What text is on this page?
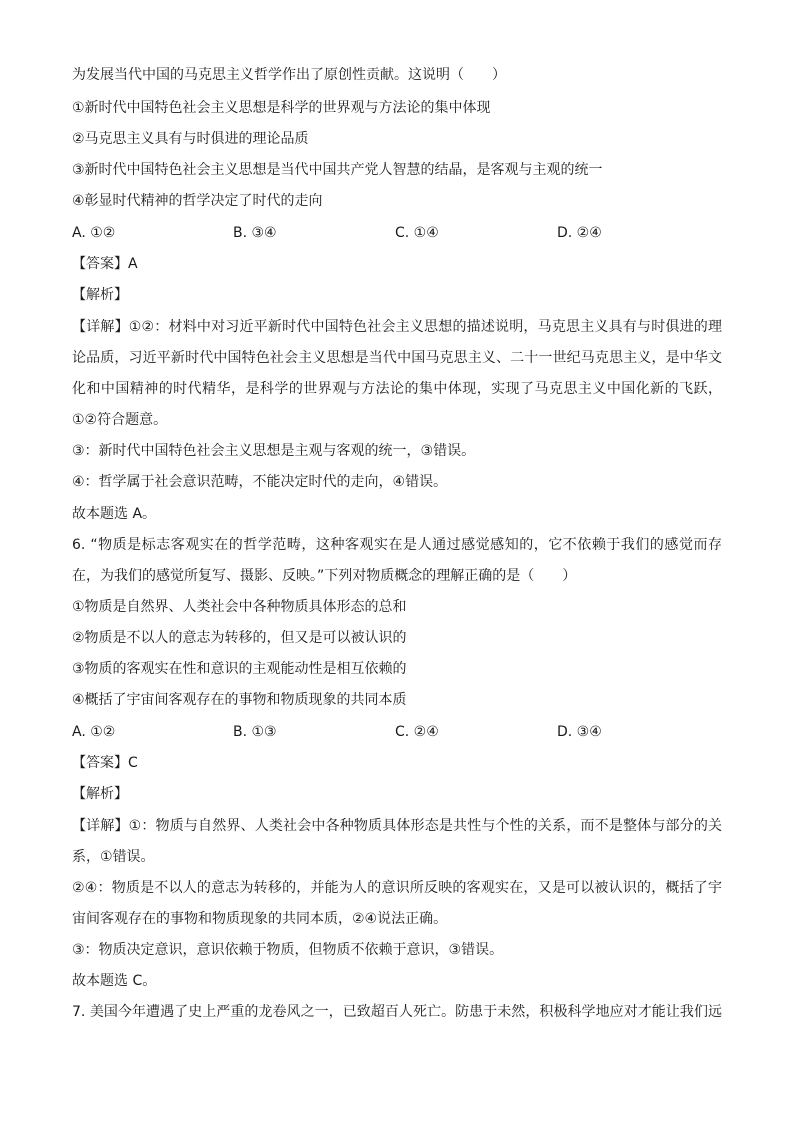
为发展当代中国的马克思主义哲学作出了原创性贡献。这说明（　　）
①新时代中国特色社会主义思想是科学的世界观与方法论的集中体现
②马克思主义具有与时俱进的理论品质
③新时代中国特色社会主义思想是当代中国共产党人智慧的结晶，是客观与主观的统一
④彰显时代精神的哲学决定了时代的走向
A. ①②	B. ③④	C. ①④	D. ②④
【答案】A
【解析】
【详解】①②：材料中对习近平新时代中国特色社会主义思想的描述说明，马克思主义具有与时俱进的理
论品质，习近平新时代中国特色社会主义思想是当代中国马克思主义、二十一世纪马克思主义，是中华文
化和中国精神的时代精华，是科学的世界观与方法论的集中体现，实现了马克思主义中国化新的飞跃，
①②符合题意。
③：新时代中国特色社会主义思想是主观与客观的统一，③错误。
④：哲学属于社会意识范畴，不能决定时代的走向，④错误。
故本题选 A。
6. “物质是标志客观实在的哲学范畴，这种客观实在是人通过感觉感知的，它不依赖于我们的感觉而存
在，为我们的感觉所复写、摄影、反映。”下列对物质概念的理解正确的是（　　）
①物质是自然界、人类社会中各种物质具体形态的总和
②物质是不以人的意志为转移的，但又是可以被认识的
③物质的客观实在性和意识的主观能动性是相互依赖的
④概括了宇宙间客观存在的事物和物质现象的共同本质
A. ①②	B. ①③	C. ②④	D. ③④
【答案】C
【解析】
【详解】①：物质与自然界、人类社会中各种物质具体形态是共性与个性的关系，而不是整体与部分的关
系，①错误。
②④：物质是不以人的意志为转移的，并能为人的意识所反映的客观实在，又是可以被认识的，概括了宇
宙间客观存在的事物和物质现象的共同本质，②④说法正确。
③：物质决定意识，意识依赖于物质，但物质不依赖于意识，③错误。
故本题选 C。
7. 美国今年遭遇了史上严重的龙卷风之一，已致超百人死亡。防患于未然，积极科学地应对才能让我们远
